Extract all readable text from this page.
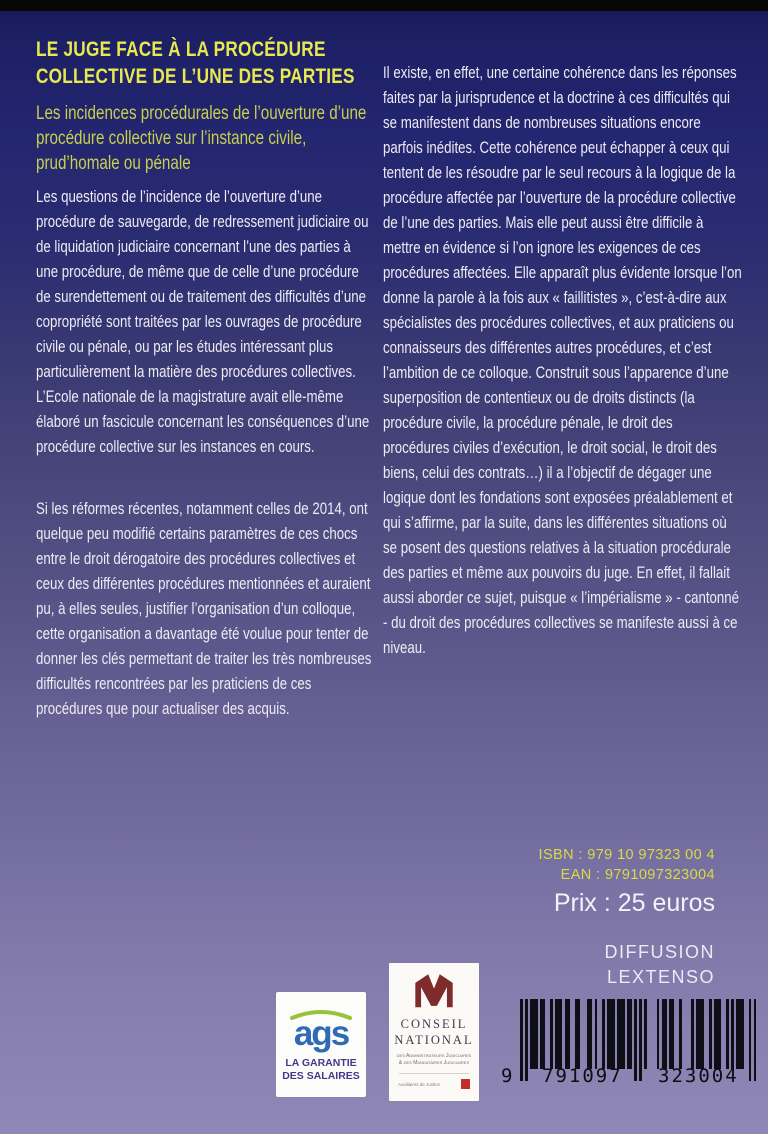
LE JUGE FACE À LA PROCÉDURE COLLECTIVE DE L’UNE DES PARTIES

Les incidences procédurales de l’ouverture d’une procédure collective sur l’instance civile, prud’homale ou pénale

Les questions de l’incidence de l’ouverture d’une procédure de sauvegarde, de redressement judiciaire ou de liquidation judiciaire concernant l’une des parties à une procédure, de même que de celle d’une procédure de surendettement ou de traitement des difficultés d’une copropriété sont traitées par les ouvrages de procédure civile ou pénale, ou par les études intéressant plus particulièrement la matière des procédures collectives. L’Ecole nationale de la magistrature avait elle-même élaboré un fascicule concernant les conséquences d’une procédure collective sur les instances en cours.

Si les réformes récentes, notamment celles de 2014, ont quelque peu modifié certains paramètres de ces chocs entre le droit dérogatoire des procédures collectives et ceux des différentes procédures mentionnées et auraient pu, à elles seules, justifier l’organisation d’un colloque, cette organisation a davantage été voulue pour tenter de donner les clés permettant de traiter les très nombreuses difficultés rencontrées par les praticiens de ces procédures que pour actualiser des acquis.

Il existe, en effet, une certaine cohérence dans les réponses faites par la jurisprudence et la doctrine à ces difficultés qui se manifestent dans de nombreuses situations encore parfois inédites. Cette cohérence peut échapper à ceux qui tentent de les résoudre par le seul recours à la logique de la procédure affectée par l’ouverture de la procédure collective de l’une des parties. Mais elle peut aussi être difficile à mettre en évidence si l’on ignore les exigences de ces procédures affectées. Elle apparaît plus évidente lorsque l’on donne la parole à la fois aux « faillitistes », c’est-à-dire aux spécialistes des procédures collectives, et aux praticiens ou connaisseurs des différentes autres procédures, et c’est l’ambition de ce colloque. Construit sous l’apparence d’une superposition de contentieux ou de droits distincts (la procédure civile, la procédure pénale, le droit des procédures civiles d’exécution, le droit social, le droit des biens, celui des contrats…) il a l’objectif de dégager une logique dont les fondations sont exposées préalablement et qui s’affirme, par la suite, dans les différentes situations où se posent des questions relatives à la situation procédurale des parties et même aux pouvoirs du juge. En effet, il fallait aussi aborder ce sujet, puisque « l’impérialisme » - cantonné - du droit des procédures collectives se manifeste aussi à ce niveau.

ISBN : 979 10 97323 00 4
EAN : 9791097323004
Prix : 25 euros
DIFFUSION
LEXTENSO
ags
LA GARANTIE DES SALAIRES
CONSEIL
NATIONAL
des Administrateurs Judiciaires & des Mandataires Judiciaires
Auxiliaires de Justice	9 791097 323004
